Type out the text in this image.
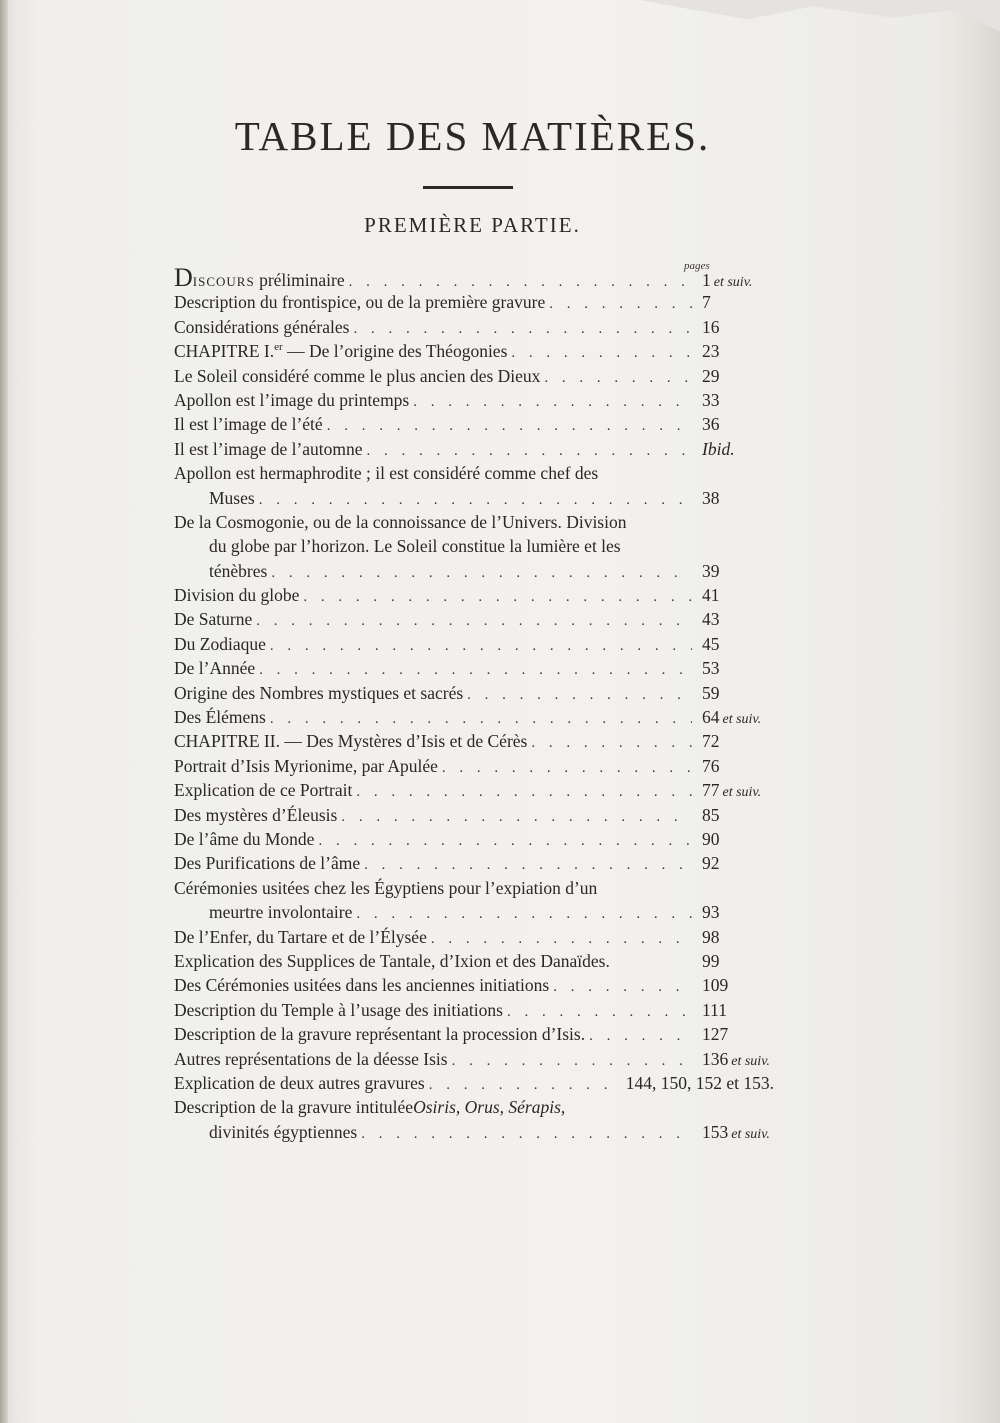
TABLE DES MATIÈRES.
PREMIÈRE PARTIE.
pages
DISCOURS préliminaire . . .	1 et suiv.
Description du frontispice, ou de la première gravure . . .	7
Considérations générales . . .	16
CHAPITRE I.$^{er}$ — De l’origine des Théogonies . . .	23
Le Soleil considéré comme le plus ancien des Dieux . . .	29
Apollon est l’image du printemps . . .	33
Il est l’image de l’été . . .	36
Il est l’image de l’automne . . .	Ibid.
Apollon est hermaphrodite ; il est considéré comme chef des
Muses . . .	38
De la Cosmogonie, ou de la connoissance de l’Univers. Division
du globe par l’horizon. Le Soleil constitue la lumière et les
ténèbres . . .	39
Division du globe . . .	41
De Saturne . . .	43
Du Zodiaque . . .	45
De l’Année . . .	53
Origine des Nombres mystiques et sacrés . . .	59
Des Élémens . . .	64 et suiv.
CHAPITRE II. — Des Mystères d’Isis et de Cérès . . .	72
Portrait d’Isis Myrionime, par Apulée . . .	76
Explication de ce Portrait . . .	77 et suiv.
Des mystères d’Éleusis . . .	85
De l’âme du Monde . . .	90
Des Purifications de l’âme . . .	92
Cérémonies usitées chez les Égyptiens pour l’expiation d’un
meurtre involontaire . . .	93
De l’Enfer, du Tartare et de l’Élysée . . .	98
Explication des Supplices de Tantale, d’Ixion et des Danaïdes.	99
Des Cérémonies usitées dans les anciennes initiations . . .	109
Description du Temple à l’usage des initiations . . .	111
Description de la gravure représentant la procession d’Isis. . . .	127
Autres représentations de la déesse Isis . . .	136 et suiv.
Explication de deux autres gravures . . .	144, 150, 152 et 153.
Description de la gravure intitulée Osiris, Orus, Sérapis,
divinités égyptiennes . . .	153 et suiv.
